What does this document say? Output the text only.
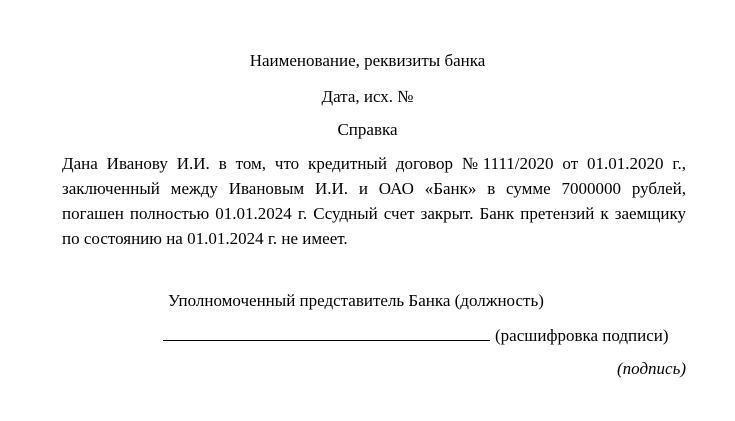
Наименование, реквизиты банка
Дата, исх. №
Справка
Дана Иванову И.И. в том, что кредитный договор №1111/2020 от 01.01.2020 г., заключенный между Ивановым И.И. и ОАО «Банк» в сумме 7000000 рублей, погашен полностью 01.01.2024 г. Ссудный счет закрыт. Банк претензий к заемщику по состоянию на 01.01.2024 г. не имеет.
Уполномоченный представитель Банка (должность)
(расшифровка подписи)
(подпись)
